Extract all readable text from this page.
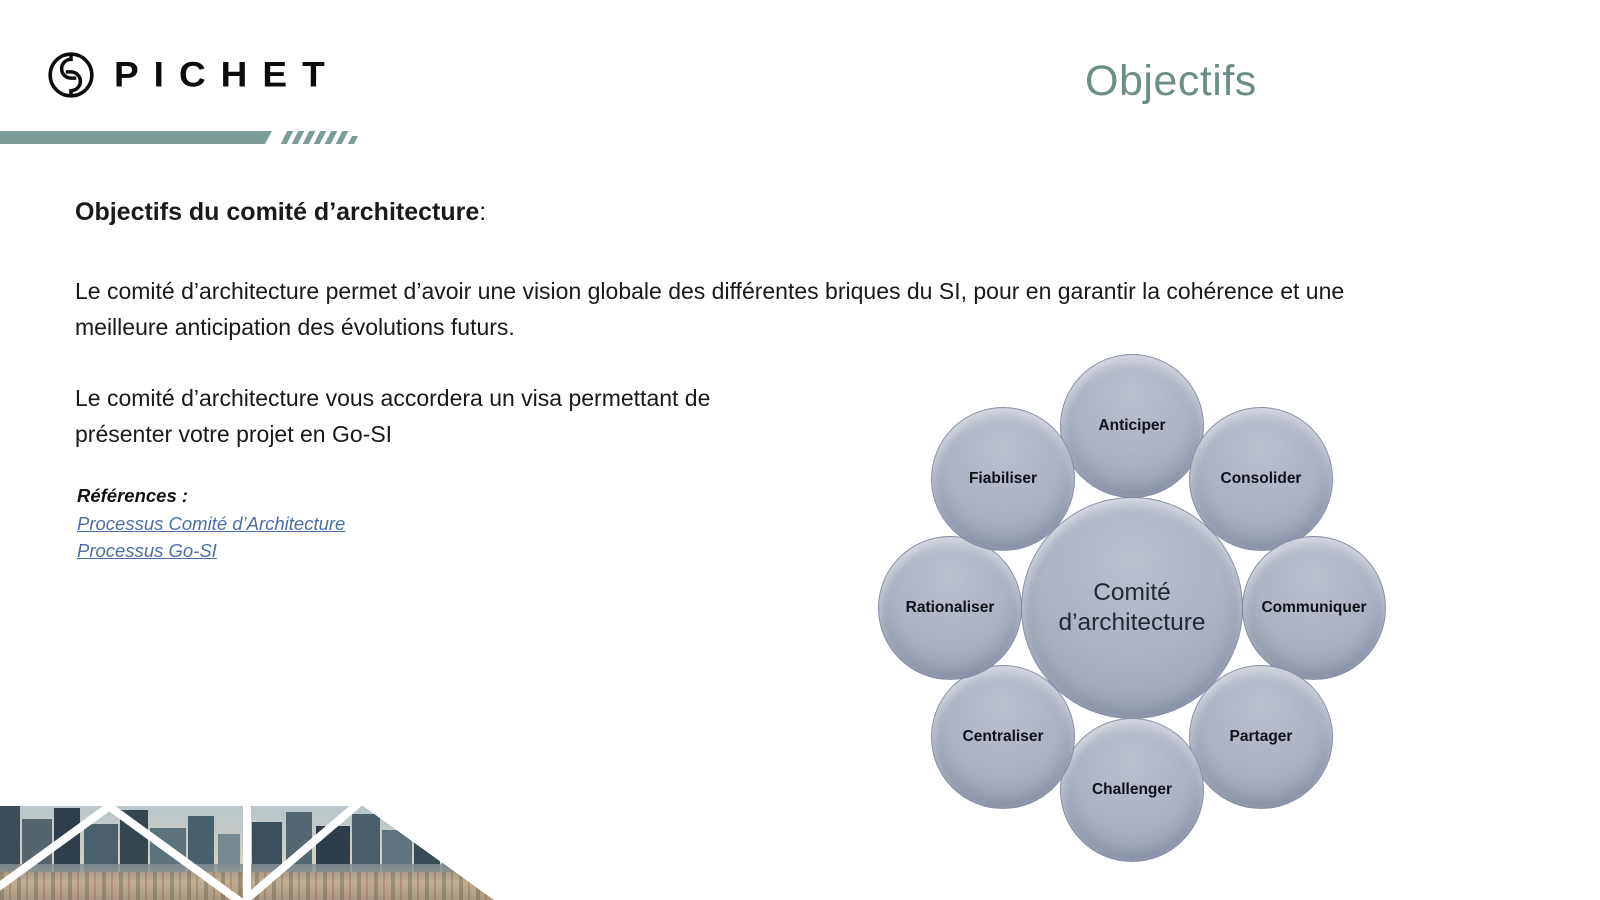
PICHET	Objectifs
Objectifs du comité d’architecture:

Le comité d’architecture permet d’avoir une vision globale des différentes briques du SI, pour en garantir la cohérence et une meilleure anticipation des évolutions futurs.

Le comité d’architecture vous accordera un visa permettant de présenter votre projet en Go-SI

Références :
Processus Comité d’Architecture
Processus Go-SI
Anticiper
Consolider
Communiquer
Partager
Challenger
Centraliser
Rationaliser
Fiabiliser
Comité
d’architecture
